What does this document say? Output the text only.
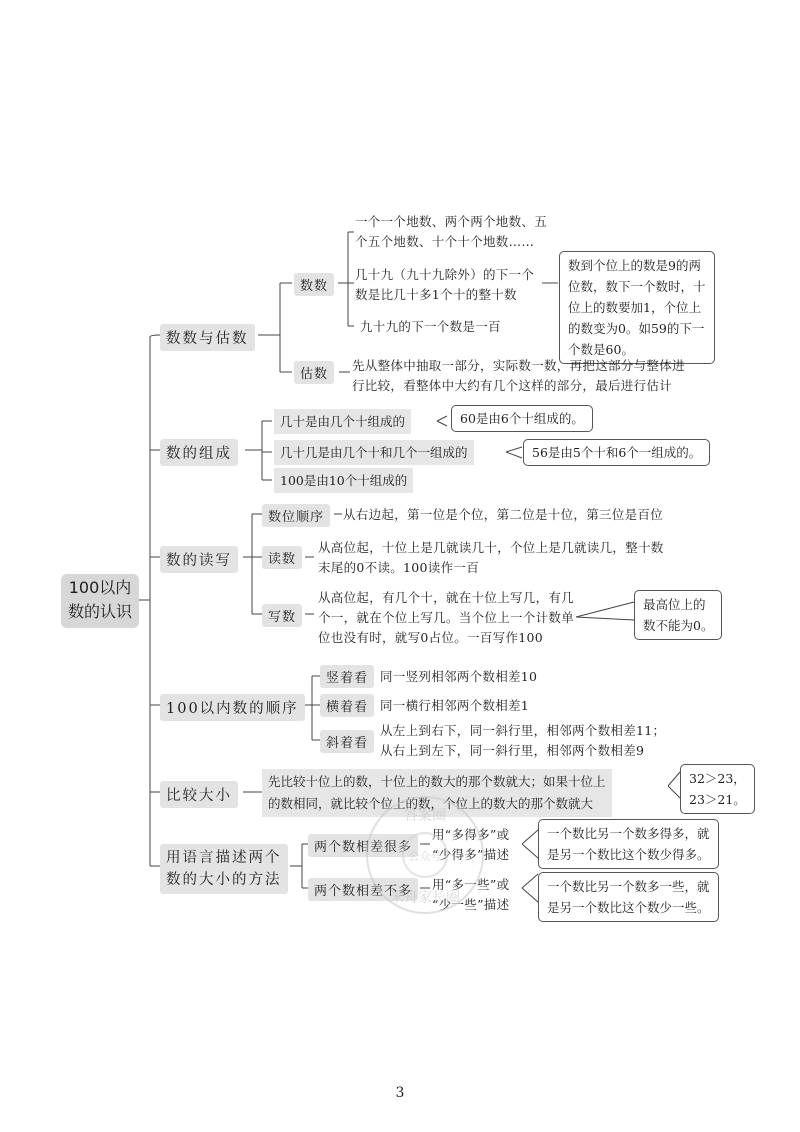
100以内
数的认识
数数与估数
数数
一个一个地数、两个两个地数、五
个五个地数、十个十个地数……
几十九（九十九除外）的下一个
数是比几十多1个十的整十数
九十九的下一个数是一百
数到个位上的数是9的两
位数，数下一个数时，十
位上的数要加1，个位上
的数变为0。如59的下一
个数是60。
估数
先从整体中抽取一部分，实际数一数，再把这部分与整体进
行比较，看整体中大约有几个这样的部分，最后进行估计
数的组成
几十是由几个十组成的	60是由6个十组成的。
几十几是由几个十和几个一组成的	56是由5个十和6个一组成的。
100是由10个十组成的
数的读写
数位顺序	从右边起，第一位是个位，第二位是十位，第三位是百位
读数
从高位起，十位上是几就读几十，个位上是几就读几，整十数
末尾的0不读。100读作一百
写数
从高位起，有几个十，就在十位上写几，有几
个一，就在个位上写几。当个位上一个计数单
位也没有时，就写0占位。一百写作100
最高位上的
数不能为0。
100以内数的顺序
竖着看 同一竖列相邻两个数相差10
横着看 同一横行相邻两个数相差1
斜着看
从左上到右下，同一斜行里，相邻两个数相差11；
从右上到左下，同一斜行里，相邻两个数相差9
比较大小
先比较十位上的数，十位上的数大的那个数就大；如果十位上
的数相同，就比较个位上的数，个位上的数大的那个数就大
32＞23，
23＞21。
用语言描述两个
数的大小的方法
两个数相差很多
用“多得多”或
“少得多”描述
一个数比另一个数多得多，就
是另一个数比这个数少得多。
两个数相差不多	用“多一些”或
“少一些”描述
一个数比另一个数多一些，就
是另一个数比这个数少一些。
答案圈
公众号
米舟家长圈
3
